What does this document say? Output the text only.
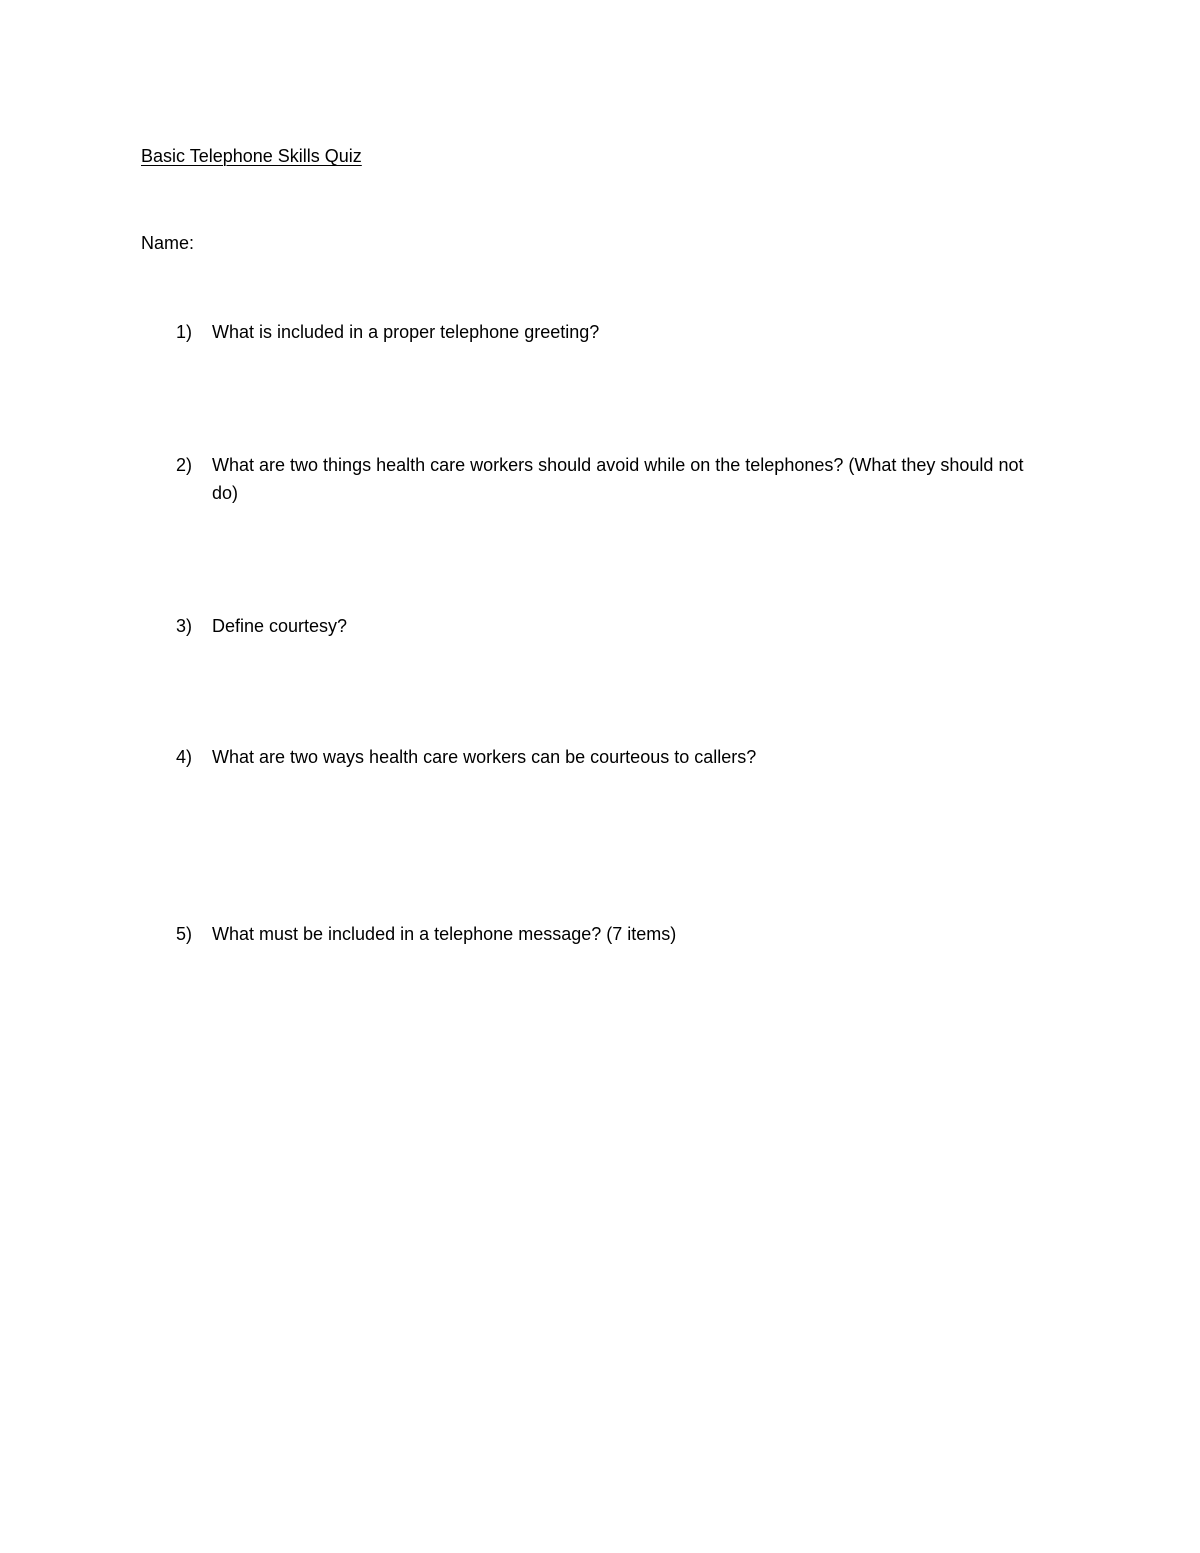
Basic Telephone Skills Quiz
Name:
1) What is included in a proper telephone greeting?
2) What are two things health care workers should avoid while on the telephones? (What they should not do)
3) Define courtesy?
4) What are two ways health care workers can be courteous to callers?
5) What must be included in a telephone message? (7 items)
